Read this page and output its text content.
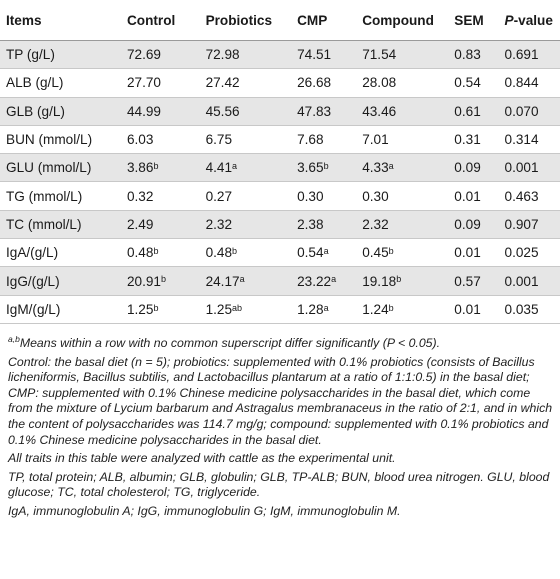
Items	Control	Probiotics	CMP	Compound	SEM	P-value
TP (g/L)	72.69	72.98	74.51	71.54	0.83	0.691
ALB (g/L)	27.70	27.42	26.68	28.08	0.54	0.844
GLB (g/L)	44.99	45.56	47.83	43.46	0.61	0.070
BUN (mmol/L)	6.03	6.75	7.68	7.01	0.31	0.314
GLU (mmol/L)	3.86$^b$	4.41$^a$	3.65$^b$	4.33$^a$	0.09	0.001
TG (mmol/L)	0.32	0.27	0.30	0.30	0.01	0.463
TC (mmol/L)	2.49	2.32	2.38	2.32	0.09	0.907
IgA/(g/L)	0.48$^b$	0.48$^b$	0.54$^a$	0.45$^b$	0.01	0.025
IgG/(g/L)	20.91$^b$	24.17$^a$	23.22$^a$	19.18$^b$	0.57	0.001
IgM/(g/L)	1.25$^b$	1.25$^{ab}$	1.28$^a$	1.24$^b$	0.01	0.035

$^{a,b}$Means within a row with no common superscript differ significantly (P < 0.05).

Control: the basal diet (n = 5); probiotics: supplemented with 0.1% probiotics (consists of Bacillus licheniformis, Bacillus subtilis, and Lactobacillus plantarum at a ratio of 1:1:0.5) in the basal diet; CMP: supplemented with 0.1% Chinese medicine polysaccharides in the basal diet, which come from the mixture of Lycium barbarum and Astragalus membranaceus in the ratio of 2:1, and in which the content of polysaccharides was 114.7 mg/g; compound: supplemented with 0.1% probiotics and 0.1% Chinese medicine polysaccharides in the basal diet.

All traits in this table were analyzed with cattle as the experimental unit.

TP, total protein; ALB, albumin; GLB, globulin; GLB, TP-ALB; BUN, blood urea nitrogen. GLU, blood glucose; TC, total cholesterol; TG, triglyceride.

IgA, immunoglobulin A; IgG, immunoglobulin G; IgM, immunoglobulin M.
